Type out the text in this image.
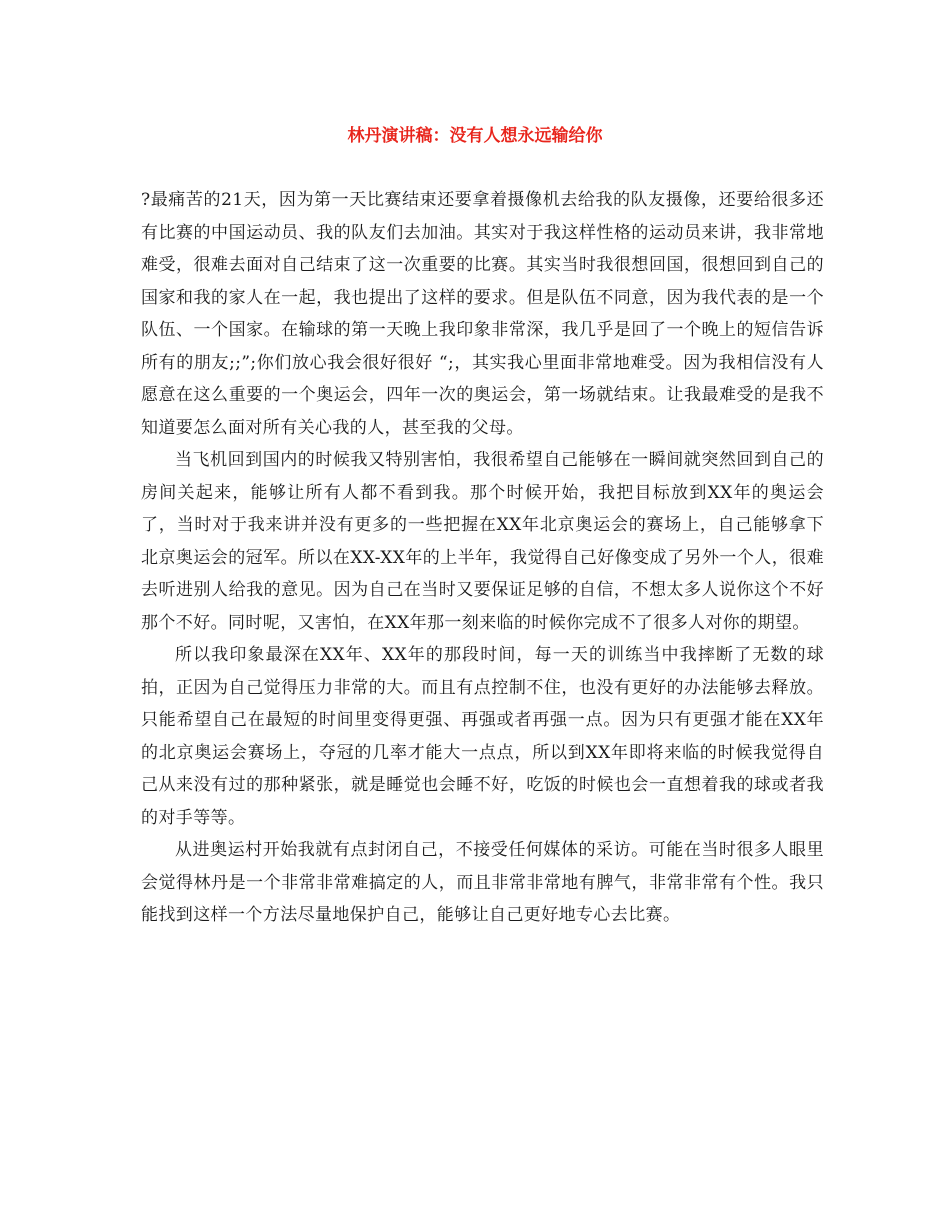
林丹演讲稿：没有人想永远输给你

?最痛苦的21天，因为第一天比赛结束还要拿着摄像机去给我的队友摄像，还要给很多还有比赛的中国运动员、我的队友们去加油。其实对于我这样性格的运动员来讲，我非常地难受，很难去面对自己结束了这一次重要的比赛。其实当时我很想回国，很想回到自己的国家和我的家人在一起，我也提出了这样的要求。但是队伍不同意，因为我代表的是一个队伍、一个国家。在输球的第一天晚上我印象非常深，我几乎是回了一个晚上的短信告诉所有的朋友;;”;你们放心我会很好很好 “;，其实我心里面非常地难受。因为我相信没有人愿意在这么重要的一个奥运会，四年一次的奥运会，第一场就结束。让我最难受的是我不知道要怎么面对所有关心我的人，甚至我的父母。

当飞机回到国内的时候我又特别害怕，我很希望自己能够在一瞬间就突然回到自己的房间关起来，能够让所有人都不看到我。那个时候开始，我把目标放到XX年的奥运会了，当时对于我来讲并没有更多的一些把握在XX年北京奥运会的赛场上，自己能够拿下北京奥运会的冠军。所以在XX-XX年的上半年，我觉得自己好像变成了另外一个人，很难去听进别人给我的意见。因为自己在当时又要保证足够的自信，不想太多人说你这个不好那个不好。同时呢，又害怕，在XX年那一刻来临的时候你完成不了很多人对你的期望。

所以我印象最深在XX年、XX年的那段时间，每一天的训练当中我摔断了无数的球拍，正因为自己觉得压力非常的大。而且有点控制不住，也没有更好的办法能够去释放。只能希望自己在最短的时间里变得更强、再强或者再强一点。因为只有更强才能在XX年的北京奥运会赛场上，夺冠的几率才能大一点点，所以到XX年即将来临的时候我觉得自己从来没有过的那种紧张，就是睡觉也会睡不好，吃饭的时候也会一直想着我的球或者我的对手等等。

从进奥运村开始我就有点封闭自己，不接受任何媒体的采访。可能在当时很多人眼里会觉得林丹是一个非常非常难搞定的人，而且非常非常地有脾气，非常非常有个性。我只能找到这样一个方法尽量地保护自己，能够让自己更好地专心去比赛。
